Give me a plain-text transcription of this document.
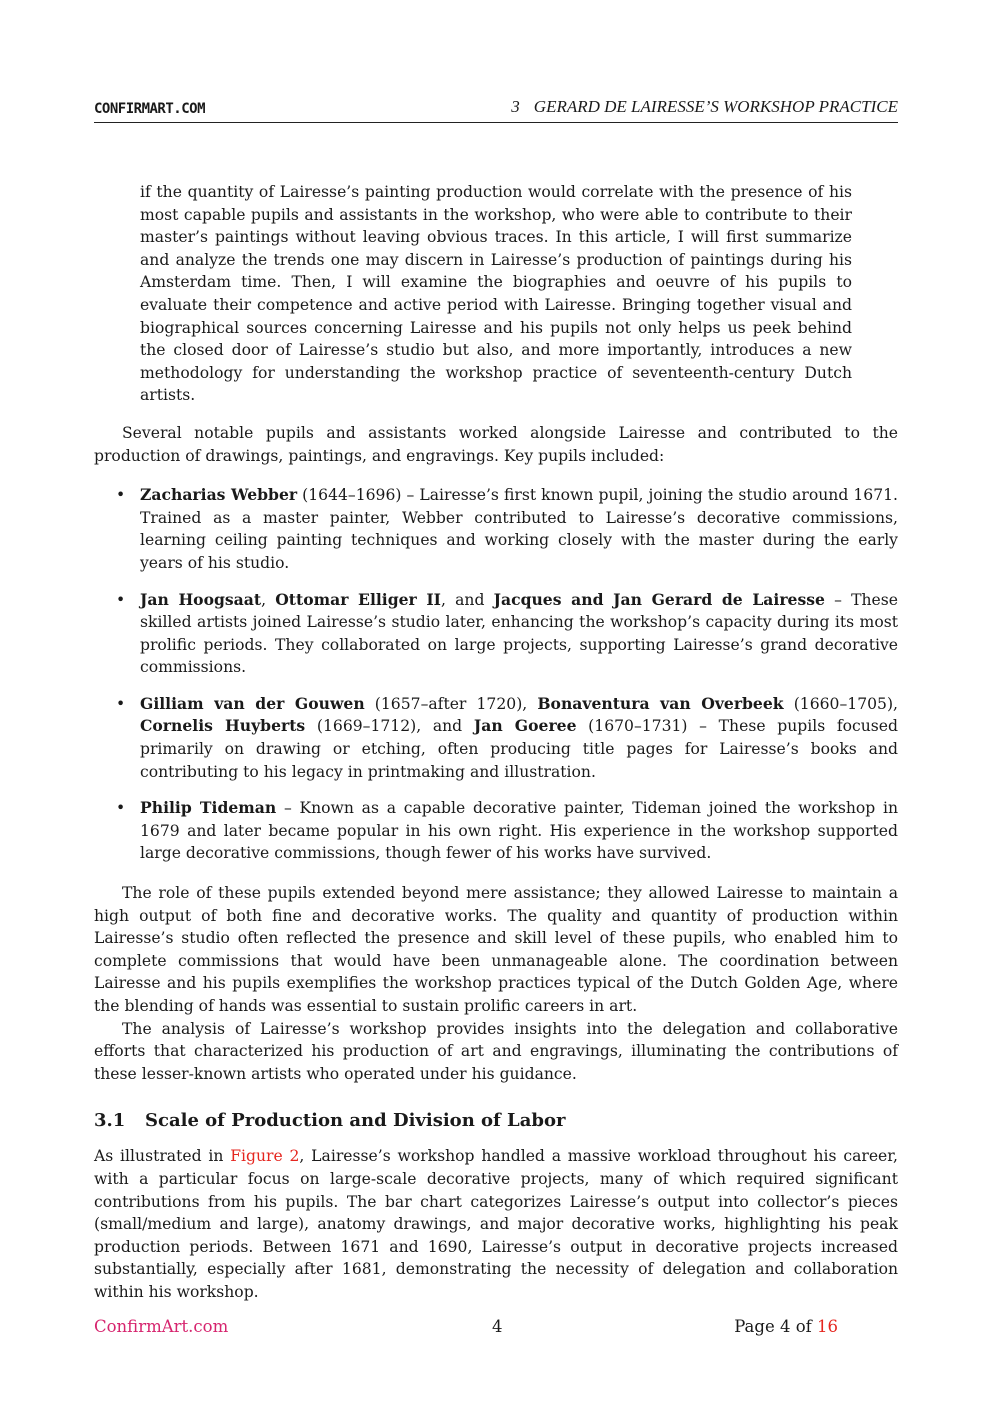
CONFIRMART.COM	3 GERARD DE LAIRESSE’S WORKSHOP PRACTICE

if the quantity of Lairesse’s painting production would correlate with the presence of his most capable pupils and assistants in the workshop, who were able to contribute to their master’s paintings without leaving obvious traces. In this article, I will first summarize and analyze the trends one may discern in Lairesse’s production of paintings during his Amsterdam time. Then, I will examine the biographies and oeuvre of his pupils to evaluate their competence and active period with Lairesse. Bringing together visual and biographical sources concerning Lairesse and his pupils not only helps us peek behind the closed door of Lairesse’s studio but also, and more importantly, introduces a new methodology for understanding the workshop practice of seventeenth-century Dutch artists.

Several notable pupils and assistants worked alongside Lairesse and contributed to the production of drawings, paintings, and engravings. Key pupils included:

• Zacharias Webber (1644–1696) – Lairesse’s first known pupil, joining the studio around 1671. Trained as a master painter, Webber contributed to Lairesse’s decorative commissions, learning ceiling painting techniques and working closely with the master during the early years of his studio.
• Jan Hoogsaat, Ottomar Elliger II, and Jacques and Jan Gerard de Lairesse – These skilled artists joined Lairesse’s studio later, enhancing the workshop’s capacity during its most prolific periods. They collaborated on large projects, supporting Lairesse’s grand decorative commissions.
• Gilliam van der Gouwen (1657–after 1720), Bonaventura van Overbeek (1660–1705), Cornelis Huyberts (1669–1712), and Jan Goeree (1670–1731) – These pupils focused primarily on drawing or etching, often producing title pages for Lairesse’s books and contributing to his legacy in printmaking and illustration.
• Philip Tideman – Known as a capable decorative painter, Tideman joined the workshop in 1679 and later became popular in his own right. His experience in the workshop supported large decorative commissions, though fewer of his works have survived.

The role of these pupils extended beyond mere assistance; they allowed Lairesse to maintain a high output of both fine and decorative works. The quality and quantity of production within Lairesse’s studio often reflected the presence and skill level of these pupils, who enabled him to complete commissions that would have been unmanageable alone. The coordination between Lairesse and his pupils exemplifies the workshop practices typical of the Dutch Golden Age, where the blending of hands was essential to sustain prolific careers in art.

The analysis of Lairesse’s workshop provides insights into the delegation and collaborative efforts that characterized his production of art and engravings, illuminating the contributions of these lesser-known artists who operated under his guidance.

3.1 Scale of Production and Division of Labor

As illustrated in Figure 2, Lairesse’s workshop handled a massive workload throughout his career, with a particular focus on large-scale decorative projects, many of which required significant contributions from his pupils. The bar chart categorizes Lairesse’s output into collector’s pieces (small/medium and large), anatomy drawings, and major decorative works, highlighting his peak production periods. Between 1671 and 1690, Lairesse’s output in decorative projects increased substantially, especially after 1681, demonstrating the necessity of delegation and collaboration within his workshop.

ConfirmArt.com	4	Page 4 of 16
